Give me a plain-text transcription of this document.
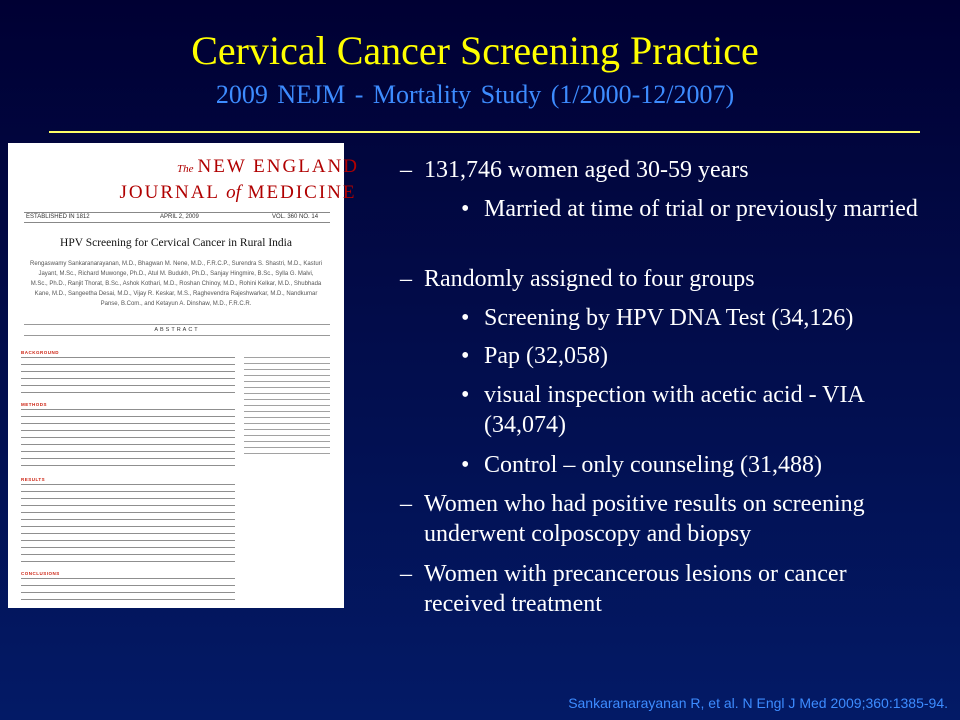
Cervical Cancer Screening Practice
2009 NEJM - Mortality Study (1/2000-12/2007)
The NEW ENGLAND
JOURNAL of MEDICINE
ESTABLISHED IN 1812	APRIL 2, 2009	VOL. 360 NO. 14
HPV Screening for Cervical Cancer in Rural India
Rengaswamy Sankaranarayanan, M.D., Bhagwan M. Nene, M.D., F.R.C.P., Surendra S. Shastri, M.D., Kasturi Jayant, M.Sc., Richard Muwonge, Ph.D., Atul M. Budukh, Ph.D., Sanjay Hingmire, B.Sc., Sylla G. Malvi, M.Sc., Ph.D., Ranjit Thorat, B.Sc., Ashok Kothari, M.D., Roshan Chinoy, M.D., Rohini Kelkar, M.D., Shubhada Kane, M.D., Sangeetha Desai, M.D., Vijay R. Keskar, M.S., Raghevendra Rajeshwarkar, M.D., Nandkumar Panse, B.Com., and Ketayun A. Dinshaw, M.D., F.R.C.R.
ABSTRACT
BACKGROUND
METHODS
RESULTS
CONCLUSIONS
– 131,746 women aged 30-59 years
• Married at time of trial or previously married
– Randomly assigned to four groups
• Screening by HPV DNA Test (34,126)
• Pap (32,058)
• visual inspection with acetic acid - VIA (34,074)
• Control – only counseling (31,488)
– Women who had positive results on screening underwent colposcopy and biopsy
– Women with precancerous lesions or cancer received treatment
Sankaranarayanan R, et al. N Engl J Med 2009;360:1385-94.
